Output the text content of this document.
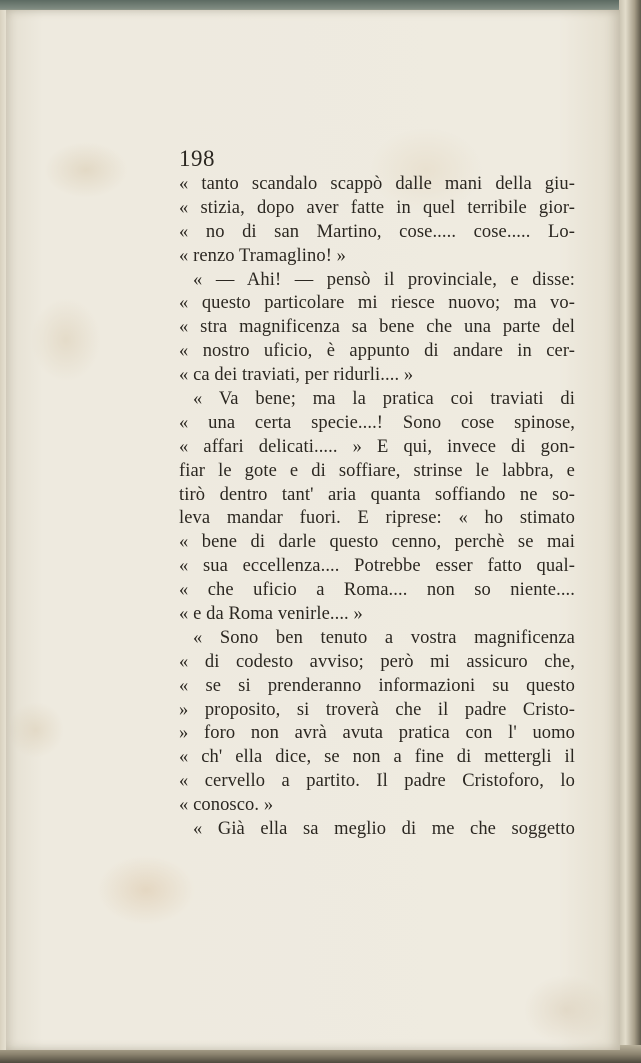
198
« tanto scandalo scappò dalle mani della giu-
« stizia, dopo aver fatte in quel terribile gior-
« no di san Martino, cose..... cose..... Lo-
« renzo Tramaglino! »
« — Ahi! — pensò il provinciale, e disse:
« questo particolare mi riesce nuovo; ma vo-
« stra magnificenza sa bene che una parte del
« nostro uficio, è appunto di andare in cer-
« ca dei traviati, per ridurli.... »
« Va bene; ma la pratica coi traviati di
« una certa specie....! Sono cose spinose,
« affari delicati..... » E qui, invece di gon-
fiar le gote e di soffiare, strinse le labbra, e
tirò dentro tant' aria quanta soffiando ne so-
leva mandar fuori. E riprese: « ho stimato
« bene di darle questo cenno, perchè se mai
« sua eccellenza.... Potrebbe esser fatto qual-
« che uficio a Roma.... non so niente....
« e da Roma venirle.... »
« Sono ben tenuto a vostra magnificenza
« di codesto avviso; però mi assicuro che,
« se si prenderanno informazioni su questo
» proposito, si troverà che il padre Cristo-
» foro non avrà avuta pratica con l' uomo
« ch' ella dice, se non a fine di mettergli il
« cervello a partito. Il padre Cristoforo, lo
« conosco. »
« Già ella sa meglio di me che soggetto
